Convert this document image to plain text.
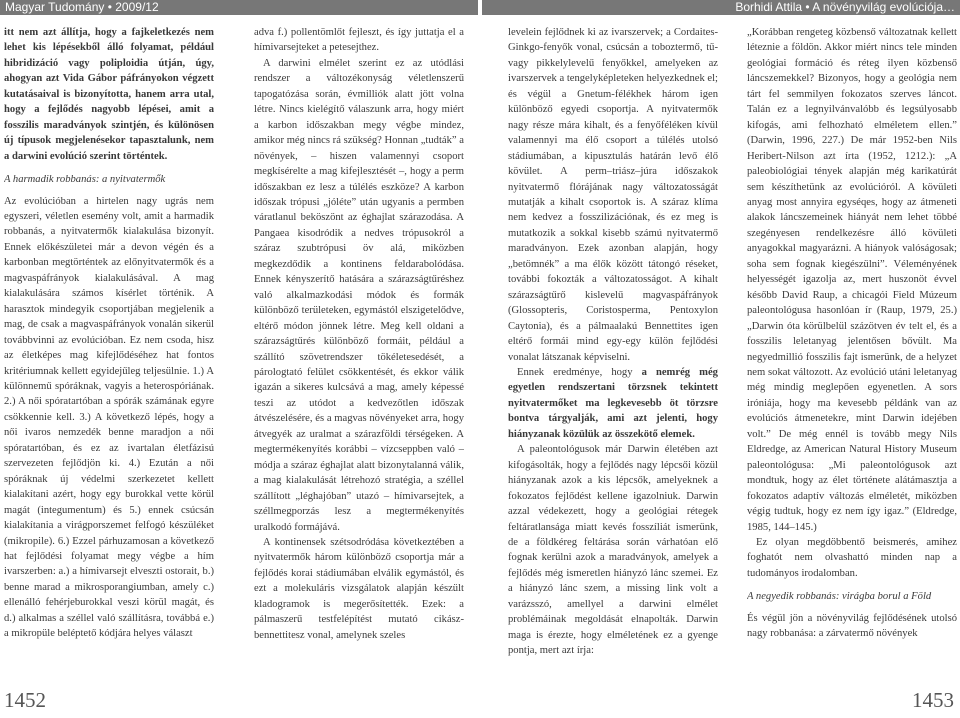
Magyar Tudomány • 2009/12	Borhidi Attila • A növényvilág evolúciója…

itt nem azt állítja, hogy a fajkeletkezés nem lehet kis lépésekből álló folyamat, például hibridizáció vagy poliploidia útján, úgy, ahogyan azt Vida Gábor páfrányokon végzett kutatásaival is bizonyította, hanem arra utal, hogy a fejlődés nagyobb lépései, amit a fosszilis maradványok szintjén, és különösen új típusok megjelenésekor tapasztalunk, nem a darwini evolúció szerint történtek.

A harmadik robbanás: a nyitvatermők

Az evolúcióban a hirtelen nagy ugrás nem egyszeri, véletlen esemény volt, amit a harmadik robbanás, a nyitvatermők kialakulása bizonyít. Ennek előkészületei már a devon végén és a karbonban megtörténtek az előnyitvatermők és a magvaspáfrányok kialakulásával. A mag kialakulására számos kísérlet történik. A harasztok mindegyik csoportjában megjelenik a mag, de csak a magvaspáfrányok vonalán sikerül továbbvinni az evolúcióban. Ez nem csoda, hisz az életképes mag kifejlődéséhez hat fontos kritériumnak kellett egyidejűleg teljesülnie. 1.) A különnemű spóráknak, vagyis a heterospóriának. 2.) A női spóratartóban a spórák számának egyre csökkennie kell. 3.) A következő lépés, hogy a női ivaros nemzedék benne maradjon a női spóratartóban, és ez az ivartalan életfázisú szervezeten fejlődjön ki. 4.) Ezután a női spóráknak új védelmi szerkezetet kellett kialakítani azért, hogy egy burokkal vette körül magát (integumentum) és 5.) ennek csúcsán kialakítania a virágporszemet felfogó készüléket (mikropile). 6.) Ezzel párhuzamosan a következő hat fejlődési folyamat megy végbe a hím ivarszerben: a.) a hímivarsejt elveszti ostorait, b.) benne marad a mikrosporangiumban, amely c.) ellenálló fehérjeburokkal veszi körül magát, és d.) alkalmas a széllel való szállításra, továbbá e.) a mikropüle beléptető kódjára helyes választ

adva f.) pollentömlőt fejleszt, és így juttatja el a hímivarsejteket a petesejthez.

A darwini elmélet szerint ez az utódlási rendszer a változékonyság véletlenszerű tapogatózása során, évmilliók alatt jött volna létre. Nincs kielégítő válaszunk arra, hogy miért a karbon időszakban megy végbe mindez, amikor még nincs rá szükség? Honnan „tudták” a növények, – hiszen valamennyi csoport megkísérelte a mag kifejlesztését –, hogy a perm időszakban ez lesz a túlélés eszköze? A karbon időszak trópusi „jóléte” után ugyanis a permben váratlanul beköszönt az éghajlat szárazodása. A Pangaea kisodródik a nedves trópusokról a száraz szubtrópusi öv alá, miközben megkezdődik a kontinens feldarabolódása. Ennek kényszerítő hatására a szárazságtűréshez való alkalmazkodási módok és formák különböző területeken, egymástól elszigetelődve, eltérő módon jönnek létre. Meg kell oldani a szárazságtűrés különböző formáit, például a szállító szövetrendszer tökéletesedését, a párologtató felület csökkentését, és ekkor válik igazán a sikeres kulcsává a mag, amely képessé teszi az utódot a kedvezőtlen időszak átvészelésére, és a magvas növényeket arra, hogy átvegyék az uralmat a szárazföldi térségeken. A megtermékenyítés korábbi – vízcseppben való – módja a száraz éghajlat alatt bizonytalanná válik, a mag kialakulását létrehozó stratégia, a széllel szállított „léghajóban” utazó – hímivarsejtek, a széllmegporzás lesz a megtermékenyítés uralkodó formájává.

A kontinensek szétsodródása következtében a nyitvatermők három különböző csoportja már a fejlődés korai stádiumában elválik egymástól, és ezt a molekuláris vizsgálatok alapján készült kladogramok is megerősítették. Ezek: a pálmaszerű testfelépítést mutató cikász-bennettitesz vonal, amelynek szeles

levelein fejlődnek ki az ivarszervek; a Cordaites-Ginkgo-fenyők vonal, csúcsán a toboztermő, tű- vagy pikkelylevelű fenyőkkel, amelyeken az ivarszervek a tengelyképleteken helyezkednek el; és végül a Gnetum-félékhek három igen különböző egyedi csoportja. A nyitvatermők nagy része mára kihalt, és a fenyőféléken kívül valamennyi ma élő csoport a túlélés utolsó stádiumában, a kipusztulás határán levő élő kövület. A perm–triász–júra időszakok nyitvatermő flórájának nagy változatosságát mutatják a kihalt csoportok is. A száraz klíma nem kedvez a fosszilizációnak, és ez meg is mutatkozik a sokkal kisebb számú nyitvatermő maradványon. Ezek azonban alapján, hogy „betömnék” a ma élők között tátongó réseket, további fokozták a változatosságot. A kihalt szárazságtűrő kislevelű magvaspáfrányok (Glossopteris, Coristosperma, Pentoxylon Caytonia), és a pálmaalakú Bennettites igen eltérő formái mind egy-egy külön fejlődési vonalat látszanak képviselni.

Ennek eredménye, hogy a nemrég még egyetlen rendszertani törzsnek tekintett nyitvatermőket ma legkevesebb öt törzsre bontva tárgyalják, ami azt jelenti, hogy hiányzanak közülük az összekötő elemek.

A paleontológusok már Darwin életében azt kifogásolták, hogy a fejlődés nagy lépcsői közül hiányzanak azok a kis lépcsők, amelyeknek a fokozatos fejlődést kellene igazolniuk. Darwin azzal védekezett, hogy a geológiai rétegek feltáratlansága miatt kevés fosszíliát ismerünk, de a földkéreg feltárása során várhatóan elő fognak kerülni azok a maradványok, amelyek a fejlődés még ismeretlen hiányzó lánc szemei. Ez a hiányzó lánc szem, a missing link volt a varázsszó, amellyel a darwini elmélet problémáinak megoldását elnapolták. Darwin maga is érezte, hogy elméletének ez a gyenge pontja, mert azt írja:

„Korábban rengeteg közbenső változatnak kellett léteznie a földön. Akkor miért nincs tele minden geológiai formáció és réteg ilyen közbenső láncszemekkel? Bizonyos, hogy a geológia nem tárt fel semmilyen fokozatos szerves láncot. Talán ez a legnyilvánvalóbb és legsúlyosabb kifogás, ami felhozható elméletem ellen.” (Darwin, 1996, 227.) De már 1952-ben Nils Heribert-Nilson azt írta (1952, 1212.): „A paleobiológiai tények alapján még karikatúrát sem készíthetünk az evolúcióról. A kövületi anyag most annyira egyséqes, hogy az átmeneti alakok láncszemeinek hiányát nem lehet többé szegényesen rendelkezésre álló kövületi anyagokkal magyarázni. A hiányok valóságosak; soha sem fognak kiegészülni”. Véleményének helyességét igazolja az, mert huszonöt évvel később David Raup, a chicagói Field Múzeum paleontológusa hasonlóan ír (Raup, 1979, 25.) „Darwin óta körülbelül százötven év telt el, és a fosszilis leletanyag jelentősen bővült. Ma negyedmillió fosszilis fajt ismerünk, de a helyzet nem sokat változott. Az evolúció utáni leletanyag még mindig meglepően egyenetlen. A sors iróniája, hogy ma kevesebb példánk van az evolúciós átmenetekre, mint Darwin idejében volt.” De még ennél is tovább megy Nils Eldredge, az American Natural History Museum paleontológusa: „Mi paleontológusok azt mondtuk, hogy az élet története alátámasztja a fokozatos adaptív változás elméletét, miközben végig tudtuk, hogy ez nem így igaz.” (Eldredge, 1985, 144–145.)

Ez olyan megdöbbentő beismerés, amihez foghatót nem olvashattó minden nap a tudományos irodalomban.

A negyedik robbanás: virágba borul a Föld

És végül jön a növényvilág fejlődésének utolsó nagy robbanása: a zárvatermő növények

1452	1453
